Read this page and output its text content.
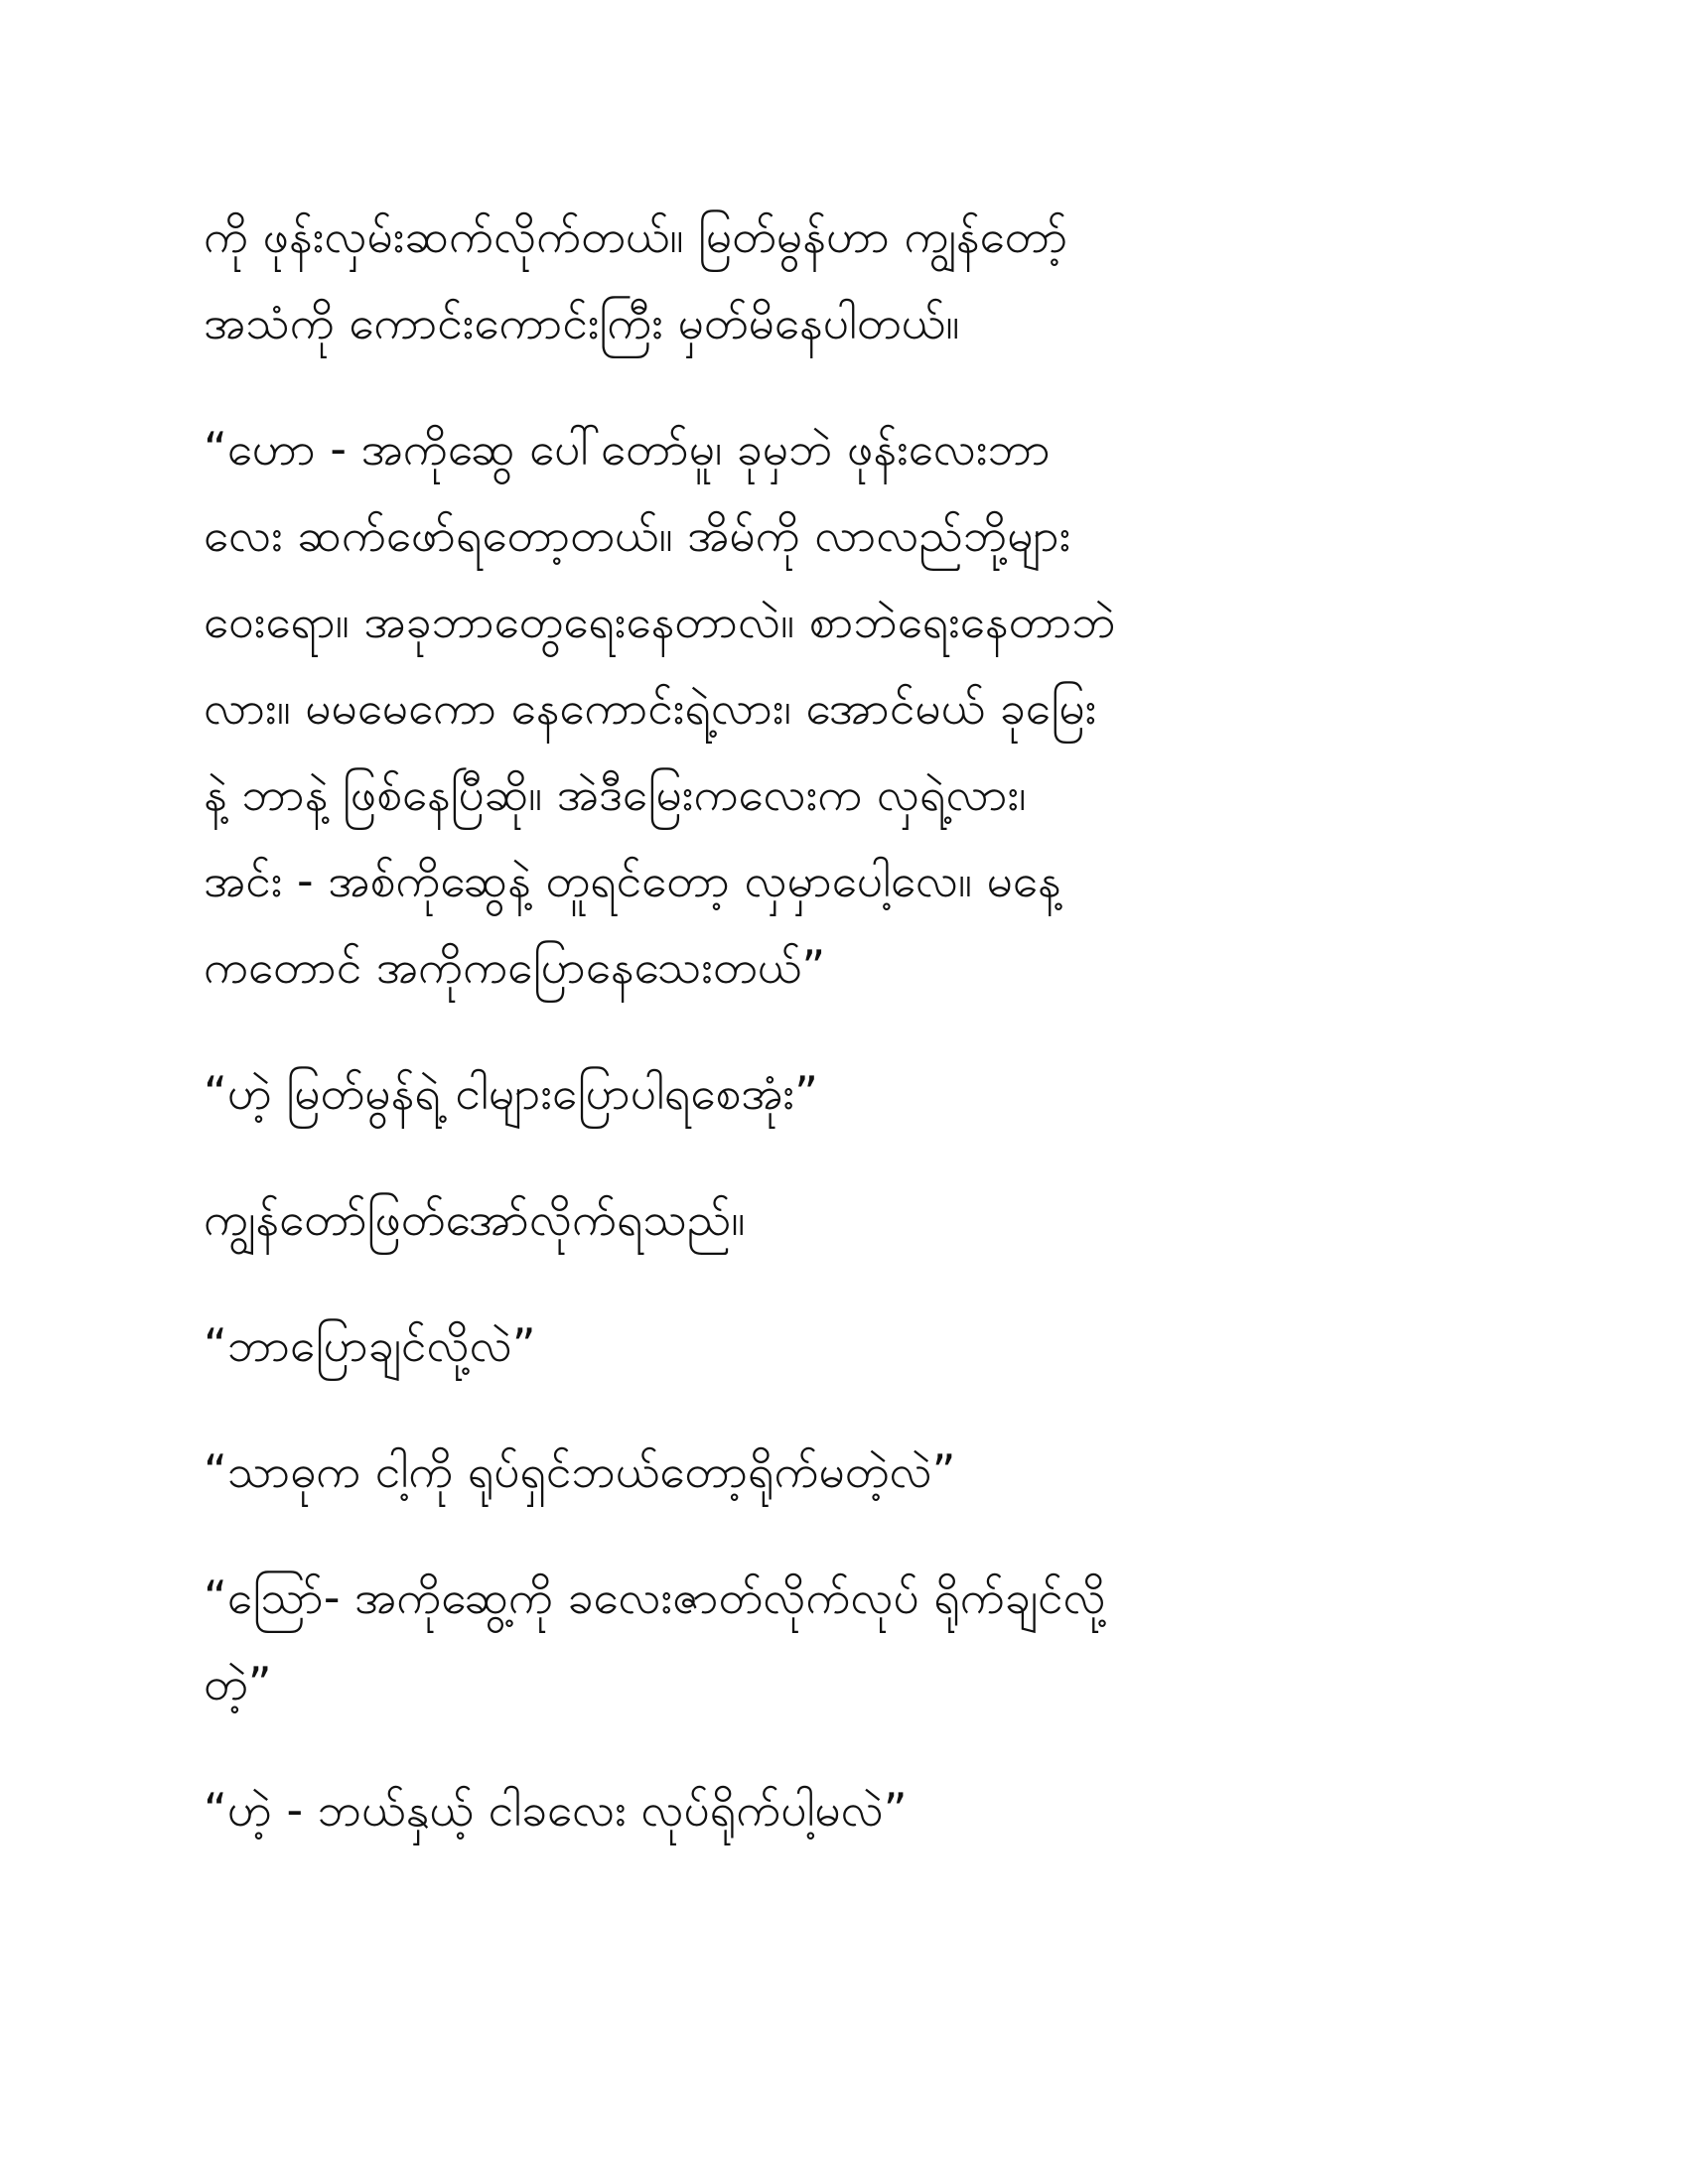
ကို ဖုန်းလှမ်းဆက်လိုက်တယ်။ မြတ်မွန်ဟာ ကျွန်တော့်
အသံကို ကောင်းကောင်းကြီး မှတ်မိနေပါတယ်။
“ဟော - အကိုဆွေ ပေါ်တော်မူ၊ ခုမှဘဲ ဖုန်းလေးဘာ
လေး ဆက်ဖော်ရတော့တယ်။ အိမ်ကို လာလည်ဘို့များ
ဝေးရော။ အခုဘာတွေရေးနေတာလဲ။ စာဘဲရေးနေတာဘဲ
လား။ မမမေကော နေကောင်းရဲ့လား၊ အောင်မယ် ခုမြေး
နဲ့ ဘာနဲ့ ဖြစ်နေပြီဆို။ အဲဒီမြေးကလေးက လှရဲ့လား၊
အင်း - အစ်ကိုဆွေနဲ့ တူရင်တော့ လှမှာပေါ့လေ။ မနေ့
ကတောင် အကိုကပြောနေသေးတယ်”
“ဟဲ့ မြတ်မွန်ရဲ့ ငါများပြောပါရစေအုံး”
ကျွန်တော်ဖြတ်အော်လိုက်ရသည်။
“ဘာပြောချင်လို့လဲ”
“သာဓုက ငါ့ကို ရုပ်ရှင်ဘယ်တော့ရိုက်မတဲ့လဲ”
“သြော်- အကိုဆွေ့ကို ခလေးဇာတ်လိုက်လုပ် ရိုက်ချင်လို့
တဲ့”
“ဟဲ့ - ဘယ်နှယ့် ငါခလေး လုပ်ရိုက်ပါ့မလဲ”
